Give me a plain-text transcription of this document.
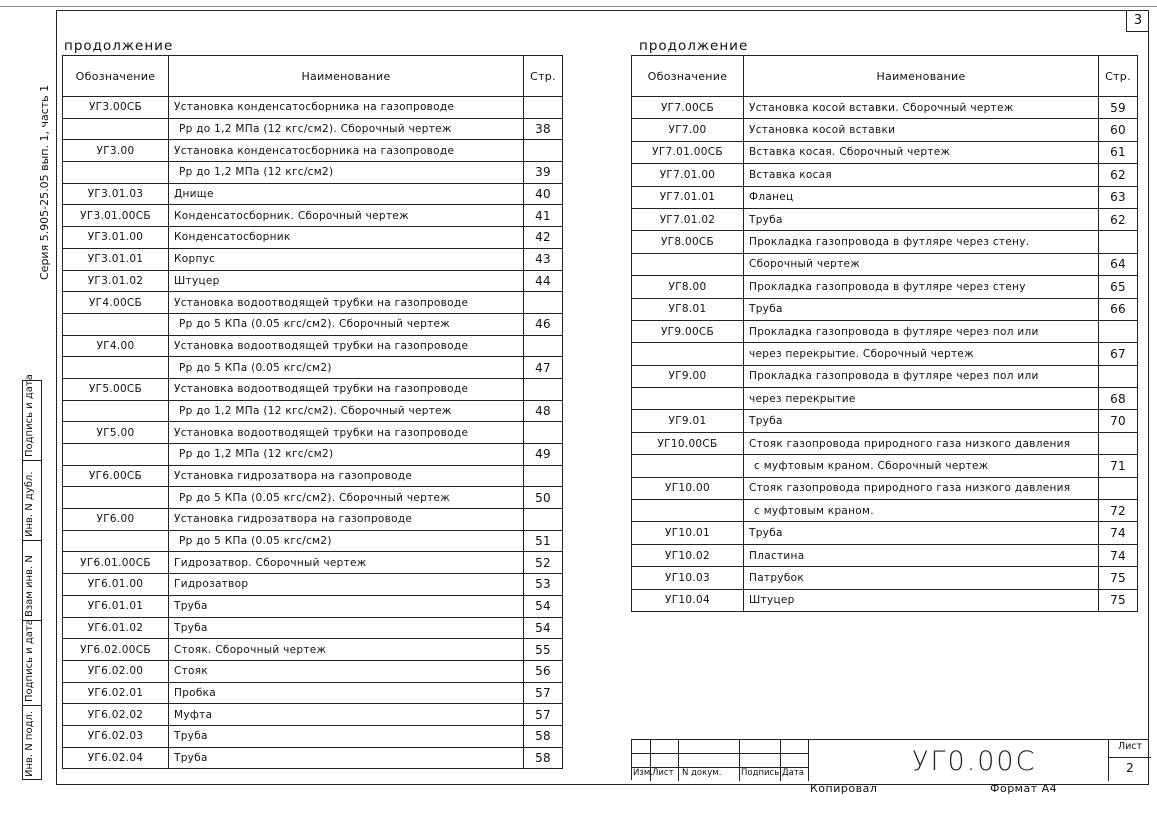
3
Серия 5.905-25.05 вып. 1, часть 1
Инв. N подл.
Подпись и дата
Взам инв. N
Инв. N дубл.
Подпись и дата
продолжение
Обозначение	Наименование	Стр.
УГ3.00СБ	Установка конденсатосборника на газопроводе	
	Рр до 1,2 МПа (12 кгс/см2). Сборочный чертеж	38
УГ3.00	Установка конденсатосборника на газопроводе	
	Рр до 1,2 МПа (12 кгс/см2)	39
УГ3.01.03	Днище	40
УГ3.01.00СБ	Конденсатосборник. Сборочный чертеж	41
УГ3.01.00	Конденсатосборник	42
УГ3.01.01	Корпус	43
УГ3.01.02	Штуцер	44
УГ4.00СБ	Установка водоотводящей трубки на газопроводе	
	Рр до 5 КПа (0.05 кгс/см2). Сборочный чертеж	46
УГ4.00	Установка водоотводящей трубки на газопроводе	
	Рр до 5 КПа (0.05 кгс/см2)	47
УГ5.00СБ	Установка водоотводящей трубки на газопроводе	
	Рр до 1,2 МПа (12 кгс/см2). Сборочный чертеж	48
УГ5.00	Установка водоотводящей трубки на газопроводе	
	Рр до 1,2 МПа (12 кгс/см2)	49
УГ6.00СБ	Установка гидрозатвора на газопроводе	
	Рр до 5 КПа (0.05 кгс/см2). Сборочный чертеж	50
УГ6.00	Установка гидрозатвора на газопроводе	
	Рр до 5 КПа (0.05 кгс/см2)	51
УГ6.01.00СБ	Гидрозатвор. Сборочный чертеж	52
УГ6.01.00	Гидрозатвор	53
УГ6.01.01	Труба	54
УГ6.01.02	Труба	54
УГ6.02.00СБ	Стояк. Сборочный чертеж	55
УГ6.02.00	Стояк	56
УГ6.02.01	Пробка	57
УГ6.02.02	Муфта	57
УГ6.02.03	Труба	58
УГ6.02.04	Труба	58
продолжение
Обозначение	Наименование	Стр.
УГ7.00СБ	Установка косой вставки. Сборочный чертеж	59
УГ7.00	Установка косой вставки	60
УГ7.01.00СБ	Вставка косая. Сборочный чертеж	61
УГ7.01.00	Вставка косая	62
УГ7.01.01	Фланец	63
УГ7.01.02	Труба	62
УГ8.00СБ	Прокладка газопровода в футляре через стену.	
	Сборочный чертеж	64
УГ8.00	Прокладка газопровода в футляре через стену	65
УГ8.01	Труба	66
УГ9.00СБ	Прокладка газопровода в футляре через пол или	
	через перекрытие. Сборочный чертеж	67
УГ9.00	Прокладка газопровода в футляре через пол или	
	через перекрытие	68
УГ9.01	Труба	70
УГ10.00СБ	Стояк газопровода природного газа низкого давления	
	с муфтовым краном. Сборочный чертеж	71
УГ10.00	Стояк газопровода природного газа низкого давления	
	с муфтовым краном.	72
УГ10.01	Труба	74
УГ10.02	Пластина	74
УГ10.03	Патрубок	75
УГ10.04	Штуцер	75
Изм. Лист N докум. Подпись Дата	УГ0.00С	Лист
2
Копировал	Формат А4
